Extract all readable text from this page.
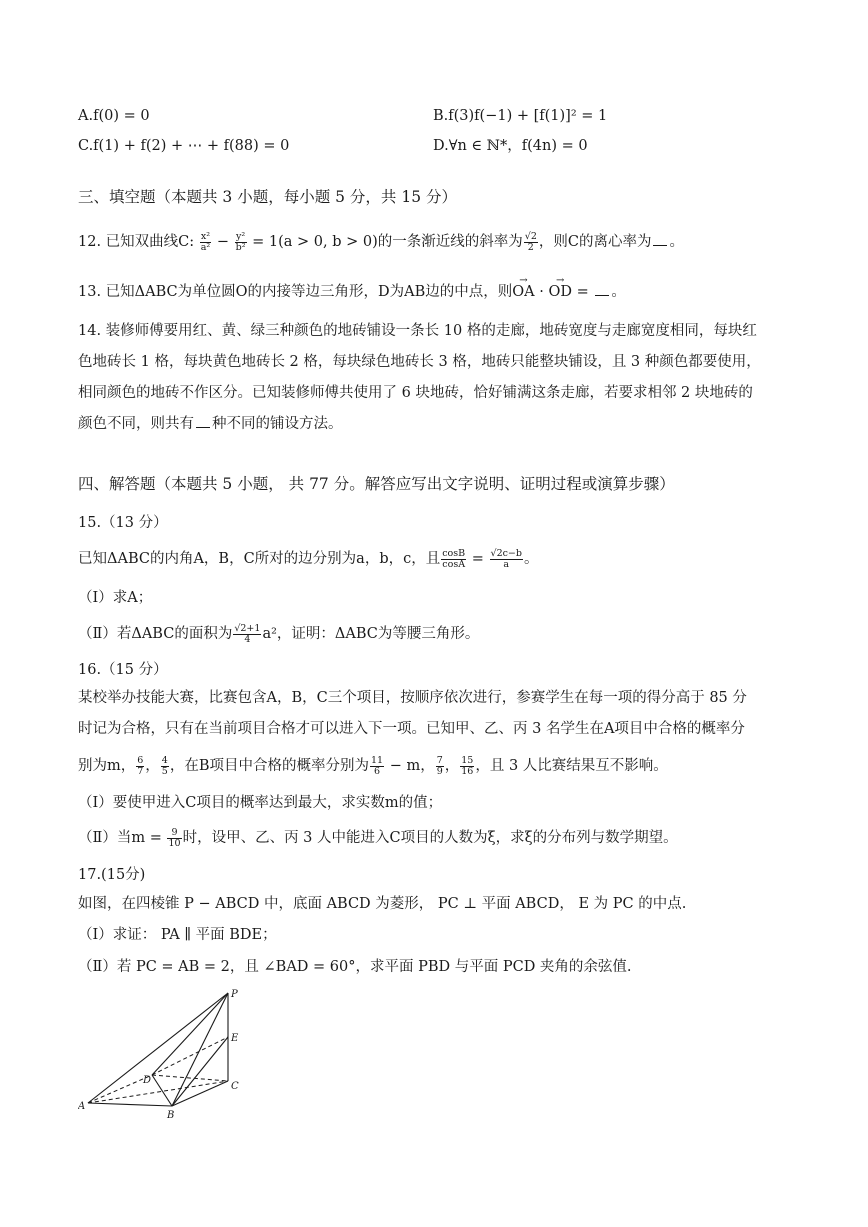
A.f(0) = 0	B.f(3)f(−1) + [f(1)]² = 1
C.f(1) + f(2) + ⋯ + f(88) = 0	D.∀n ∈ ℕ*，f(4n) = 0
三、填空题（本题共 3 小题，每小题 5 分，共 15 分）
12. 已知双曲线C: $\frac{\text{x²}}{\text{a²}} - \frac{\text{y²}}{\text{b²}} = 1(a > 0$, b > 0)的一条渐近线的斜率为 $\frac{√2}{2}$ ，则C的离心率为 。
13. 已知ΔABC为单位圆O的内接等边三角形，D为AB边的中点，则→ OA · → OD = 。
14. 装修师傅要用红、黄、绿三种颜色的地砖铺设一条长 10 格的走廊，地砖宽度与走廊宽度相同，每块红
色地砖长 1 格，每块黄色地砖长 2 格，每块绿色地砖长 3 格，地砖只能整块铺设，且 3 种颜色都要使用，
相同颜色的地砖不作区分。已知装修师傅共使用了 6 块地砖，恰好铺满这条走廊，若要求相邻 2 块地砖的
颜色不同，则共有 种不同的铺设方法。
四、解答题（本题共 5 小题， 共 77 分。解答应写出文字说明、证明过程或演算步骤）
15.（13 分）
已知ΔABC的内角A，B，C所对的边分别为a，b，c，且 $\frac{\cos B}{\cos A} = \frac{√2c-b}{a}$ 。
（Ⅰ）求A；
（Ⅱ）若ΔABC的面积为 $\frac{√2+1}{4} a^2$，证明：ΔABC为等腰三角形。
16.（15 分）
某校举办技能大赛，比赛包含A，B，C三个项目，按顺序依次进行，参赛学生在每一项的得分高于 85 分
时记为合格，只有在当前项目合格才可以进入下一项。已知甲、乙、丙 3 名学生在A项目中合格的概率分
别为m， $\frac{6}{7}$ ， $\frac{4}{5}$ ，在B项目中合格的概率分别为 $\frac{11}{6} - m$， $\frac{7}{9}$ ， $\frac{15}{16}$ ，且 3 人比赛结果互不影响。
（Ⅰ）要使甲进入C项目的概率达到最大，求实数m的值；
（Ⅱ）当$m = \frac{9}{10}$ 时，设甲、乙、丙 3 人中能进入C项目的人数为ξ，求ξ的分布列与数学期望。
17.(15分)
如图，在四棱锥 P − ABCD 中，底面 ABCD 为菱形， PC ⊥ 平面 ABCD， E 为 PC 的中点.
（Ⅰ）求证： PA ∥ 平面 BDE；
（Ⅱ）若 PC = AB = 2，且 ∠BAD = 60°，求平面 PBD 与平面 PCD 夹角的余弦值.
P
E
D
C
A
B
